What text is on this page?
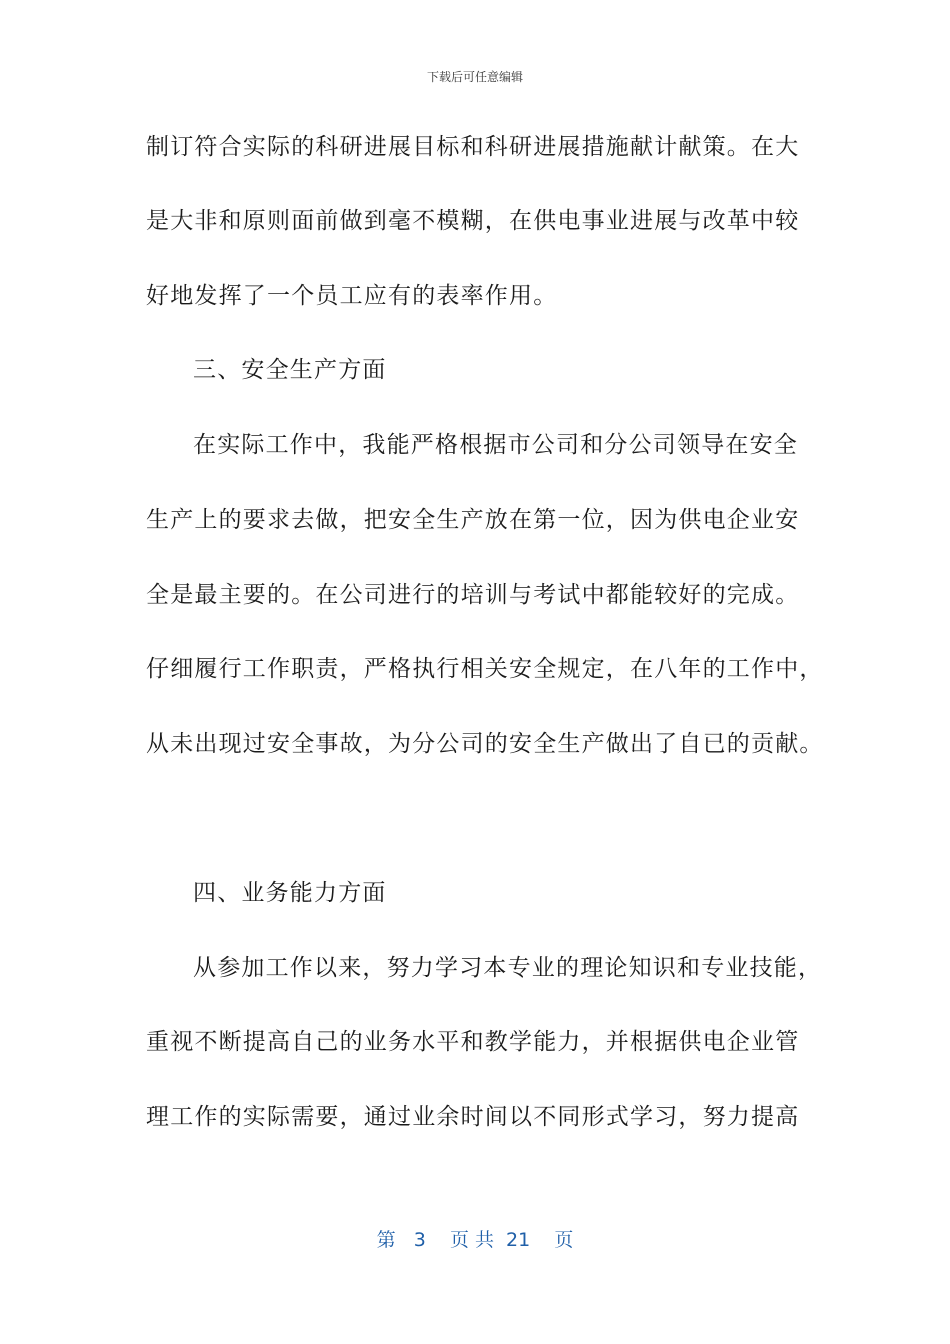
下载后可任意编辑
制订符合实际的科研进展目标和科研进展措施献计献策。在大
是大非和原则面前做到毫不模糊，在供电事业进展与改革中较
好地发挥了一个员工应有的表率作用。
三、安全生产方面
在实际工作中，我能严格根据市公司和分公司领导在安全
生产上的要求去做，把安全生产放在第一位，因为供电企业安
全是最主要的。在公司进行的培训与考试中都能较好的完成。
仔细履行工作职责，严格执行相关安全规定，在八年的工作中，
从未出现过安全事故，为分公司的安全生产做出了自已的贡献。
四、业务能力方面
从参加工作以来，努力学习本专业的理论知识和专业技能，
重视不断提高自己的业务水平和教学能力，并根据供电企业管
理工作的实际需要，通过业余时间以不同形式学习，努力提高
第   3    页 共  21    页
